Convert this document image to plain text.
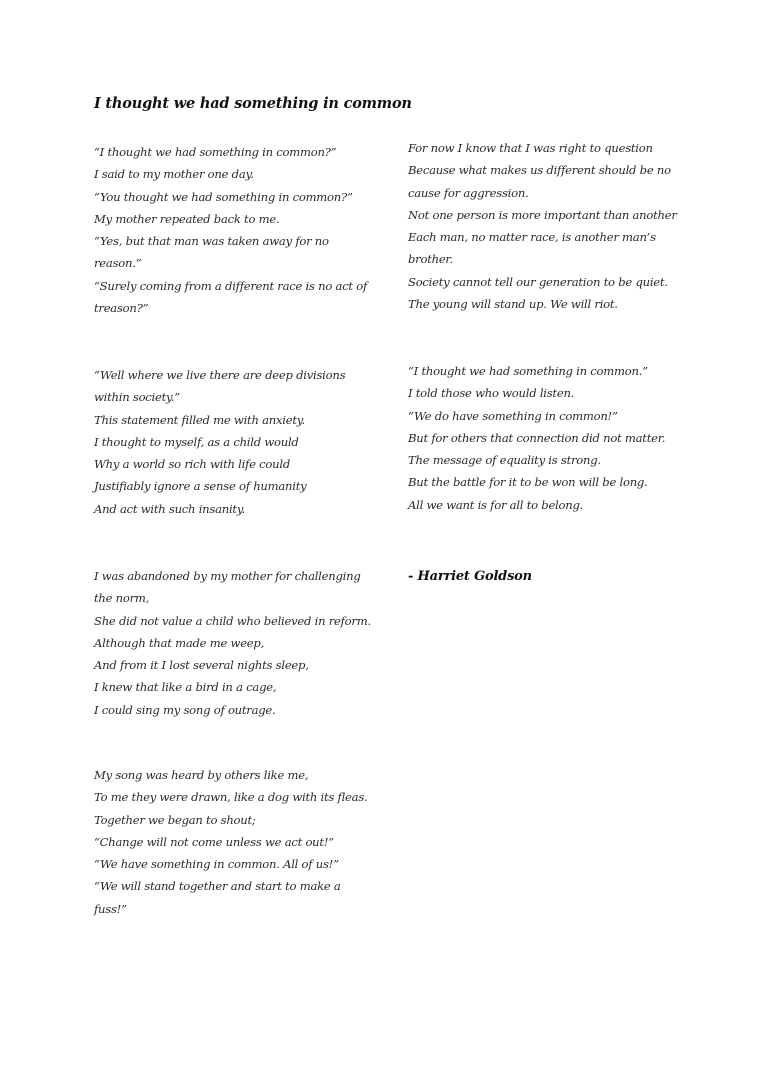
I thought we had something in common
“I thought we had something in common?”
I said to my mother one day.
“You thought we had something in common?”
My mother repeated back to me.
“Yes, but that man was taken away for no
reason.”
“Surely coming from a different race is no act of
treason?”
“Well where we live there are deep divisions
within society.”
This statement filled me with anxiety.
I thought to myself, as a child would
Why a world so rich with life could
Justifiably ignore a sense of humanity
And act with such insanity.
I was abandoned by my mother for challenging
the norm,
She did not value a child who believed in reform.
Although that made me weep,
And from it I lost several nights sleep,
I knew that like a bird in a cage,
I could sing my song of outrage.
My song was heard by others like me,
To me they were drawn, like a dog with its fleas.
Together we began to shout;
“Change will not come unless we act out!”
“We have something in common. All of us!”
“We will stand together and start to make a
fuss!”
For now I know that I was right to question
Because what makes us different should be no
cause for aggression.
Not one person is more important than another
Each man, no matter race, is another man’s
brother.
Society cannot tell our generation to be quiet.
The young will stand up. We will riot.
“I thought we had something in common.”
I told those who would listen.
“We do have something in common!”
But for others that connection did not matter.
The message of equality is strong.
But the battle for it to be won will be long.
All we want is for all to belong.
- Harriet Goldson
